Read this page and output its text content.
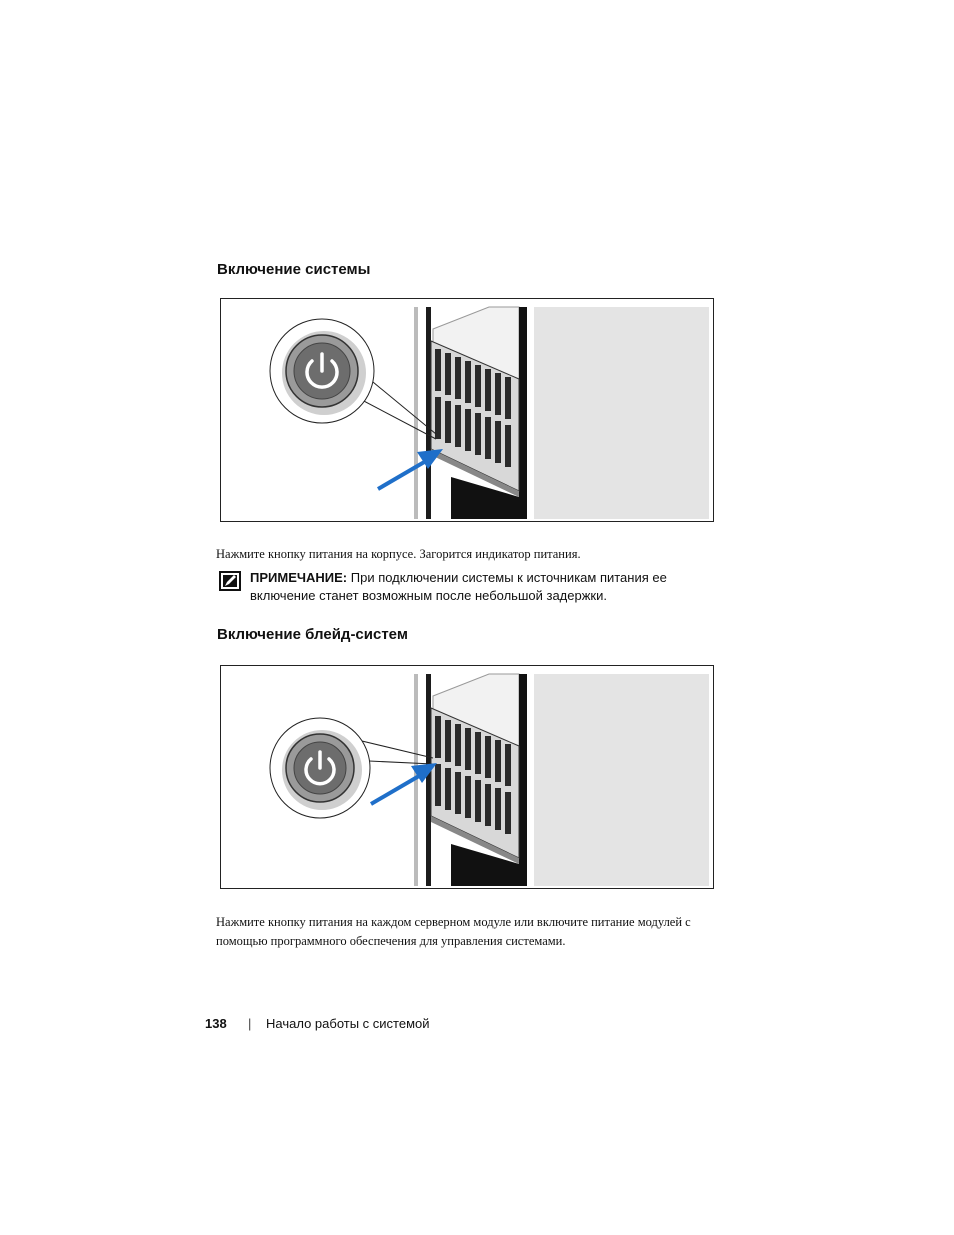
Включение системы

Нажмите кнопку питания на корпусе. Загорится индикатор питания.

ПРИМЕЧАНИЕ: При подключении системы к источникам питания ее включение станет возможным после небольшой задержки.
Включение блейд-систем

Нажмите кнопку питания на каждом серверном модуле или включите питание модулей с помощью программного обеспечения для управления системами.

138 | Начало работы с системой
